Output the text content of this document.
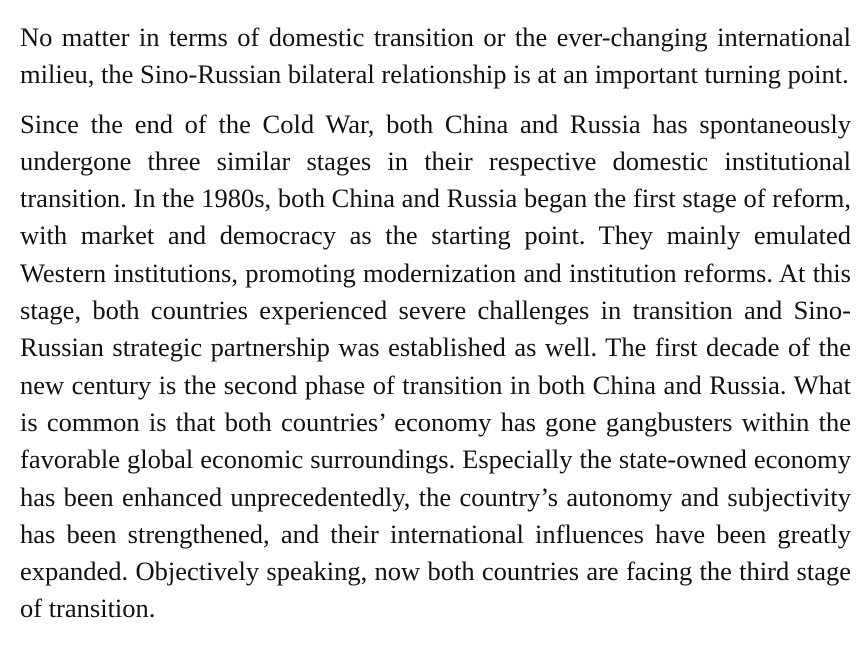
No matter in terms of domestic transition or the ever-changing international milieu, the Sino-Russian bilateral relationship is at an important turning point.

Since the end of the Cold War, both China and Russia has spontaneously undergone three similar stages in their respective domestic institutional transition. In the 1980s, both China and Russia began the first stage of reform, with market and democracy as the starting point. They mainly emulated Western institutions, promoting modernization and institution reforms. At this stage, both countries experienced severe challenges in transition and Sino-Russian strategic partnership was established as well. The first decade of the new century is the second phase of transition in both China and Russia. What is common is that both countries’ economy has gone gangbusters within the favorable global economic surroundings. Especially the state-owned economy has been enhanced unprecedentedly, the country’s autonomy and subjectivity has been strengthened, and their international influences have been greatly expanded. Objectively speaking, now both countries are facing the third stage of transition.
